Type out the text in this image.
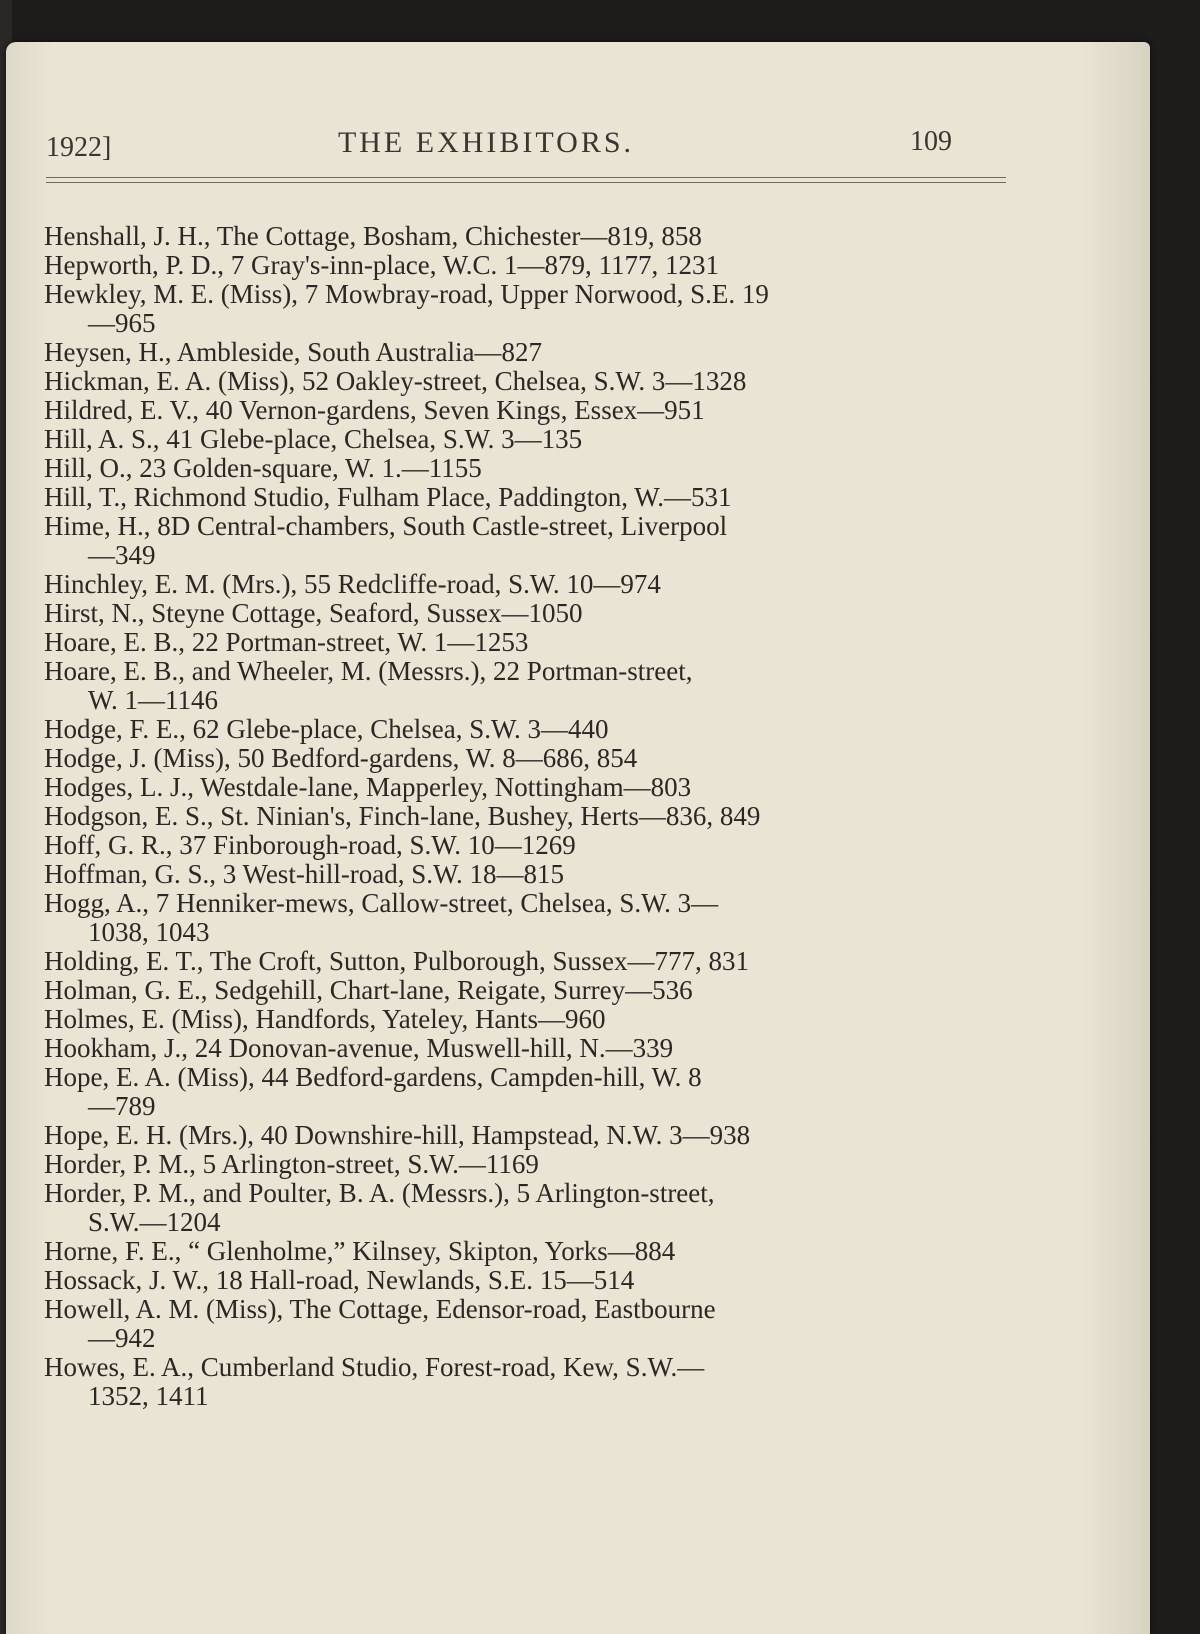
1922]	THE EXHIBITORS.	109
Henshall, J. H., The Cottage, Bosham, Chichester—819, 858
Hepworth, P. D., 7 Gray's-inn-place, W.C. 1—879, 1177, 1231
Hewkley, M. E. (Miss), 7 Mowbray-road, Upper Norwood, S.E. 19
—965
Heysen, H., Ambleside, South Australia—827
Hickman, E. A. (Miss), 52 Oakley-street, Chelsea, S.W. 3—1328
Hildred, E. V., 40 Vernon-gardens, Seven Kings, Essex—951
Hill, A. S., 41 Glebe-place, Chelsea, S.W. 3—135
Hill, O., 23 Golden-square, W. 1.—1155
Hill, T., Richmond Studio, Fulham Place, Paddington, W.—531
Hime, H., 8D Central-chambers, South Castle-street, Liverpool
—349
Hinchley, E. M. (Mrs.), 55 Redcliffe-road, S.W. 10—974
Hirst, N., Steyne Cottage, Seaford, Sussex—1050
Hoare, E. B., 22 Portman-street, W. 1—1253
Hoare, E. B., and Wheeler, M. (Messrs.), 22 Portman-street,
W. 1—1146
Hodge, F. E., 62 Glebe-place, Chelsea, S.W. 3—440
Hodge, J. (Miss), 50 Bedford-gardens, W. 8—686, 854
Hodges, L. J., Westdale-lane, Mapperley, Nottingham—803
Hodgson, E. S., St. Ninian's, Finch-lane, Bushey, Herts—836, 849
Hoff, G. R., 37 Finborough-road, S.W. 10—1269
Hoffman, G. S., 3 West-hill-road, S.W. 18—815
Hogg, A., 7 Henniker-mews, Callow-street, Chelsea, S.W. 3—
1038, 1043
Holding, E. T., The Croft, Sutton, Pulborough, Sussex—777, 831
Holman, G. E., Sedgehill, Chart-lane, Reigate, Surrey—536
Holmes, E. (Miss), Handfords, Yateley, Hants—960
Hookham, J., 24 Donovan-avenue, Muswell-hill, N.—339
Hope, E. A. (Miss), 44 Bedford-gardens, Campden-hill, W. 8
—789
Hope, E. H. (Mrs.), 40 Downshire-hill, Hampstead, N.W. 3—938
Horder, P. M., 5 Arlington-street, S.W.—1169
Horder, P. M., and Poulter, B. A. (Messrs.), 5 Arlington-street,
S.W.—1204
Horne, F. E., “ Glenholme,” Kilnsey, Skipton, Yorks—884
Hossack, J. W., 18 Hall-road, Newlands, S.E. 15—514
Howell, A. M. (Miss), The Cottage, Edensor-road, Eastbourne
—942
Howes, E. A., Cumberland Studio, Forest-road, Kew, S.W.—
1352, 1411
